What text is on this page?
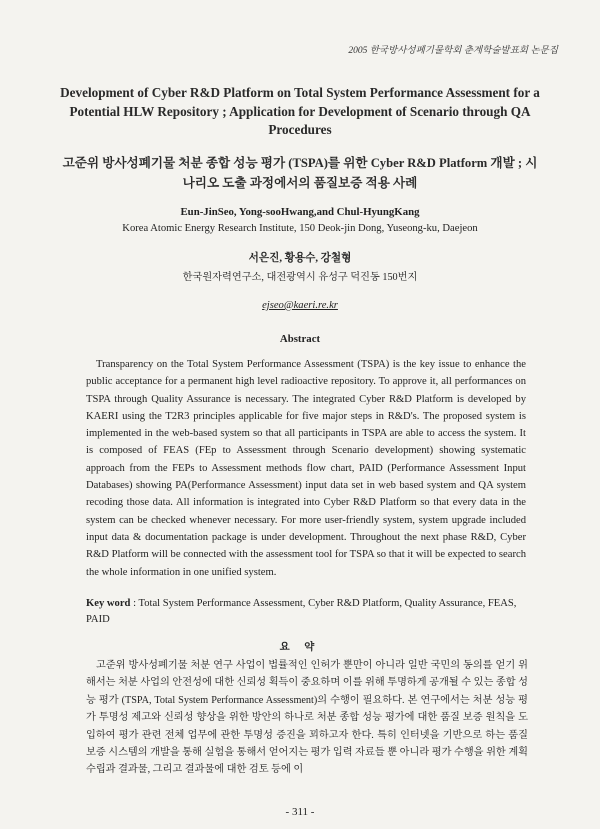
2005 한국방사성폐기물학회 춘계학술발표회 논문집
Development of Cyber R&D Platform on Total System Performance Assessment for a Potential HLW Repository ; Application for Development of Scenario through QA Procedures
고준위 방사성폐기물 처분 종합 성능 평가 (TSPA)를 위한 Cyber R&D Platform 개발 ; 시나리오 도출 과정에서의 품질보증 적용 사례
Eun-JinSeo, Yong-sooHwang,and Chul-HyungKang
Korea Atomic Energy Research Institute, 150 Deok-jin Dong, Yuseong-ku, Daejeon
서은진, 황용수, 강철형
한국원자력연구소, 대전광역시 유성구 덕진동 150번지
ejseo@kaeri.re.kr
Abstract
Transparency on the Total System Performance Assessment (TSPA) is the key issue to enhance the public acceptance for a permanent high level radioactive repository. To approve it, all performances on TSPA through Quality Assurance is necessary. The integrated Cyber R&D Platform is developed by KAERI using the T2R3 principles applicable for five major steps in R&D's. The proposed system is implemented in the web-based system so that all participants in TSPA are able to access the system. It is composed of FEAS (FEp to Assessment through Scenario development) showing systematic approach from the FEPs to Assessment methods flow chart, PAID (Performance Assessment Input Databases) showing PA(Performance Assessment) input data set in web based system and QA system recoding those data. All information is integrated into Cyber R&D Platform so that every data in the system can be checked whenever necessary. For more user-friendly system, system upgrade included input data & documentation package is under development. Throughout the next phase R&D, Cyber R&D Platform will be connected with the assessment tool for TSPA so that it will be expected to search the whole information in one unified system.
Key word : Total System Performance Assessment, Cyber R&D Platform, Quality Assurance, FEAS, PAID
요 약
고준위 방사성폐기물 처분 연구 사업이 법률적인 인허가 뿐만이 아니라 일반 국민의 동의를 얻기 위해서는 처분 사업의 안전성에 대한 신뢰성 획득이 중요하며 이를 위해 투명하게 공개될 수 있는 종합 성능 평가 (TSPA, Total System Performance Assessment)의 수행이 필요하다. 본 연구에서는 처분 성능 평가 투명성 제고와 신뢰성 향상을 위한 방안의 하나로 처분 종합 성능 평가에 대한 품질 보증 원칙을 도입하여 평가 관련 전체 업무에 관한 투명성 증진을 꾀하고자 한다. 특히 인터넷을 기반으로 하는 품질 보증 시스템의 개발을 통해 실험을 통해서 얻어지는 평가 입력 자료들 뿐 아니라 평가 수행을 위한 계획 수립과 결과물, 그리고 결과물에 대한 검토 등에 이
- 311 -
